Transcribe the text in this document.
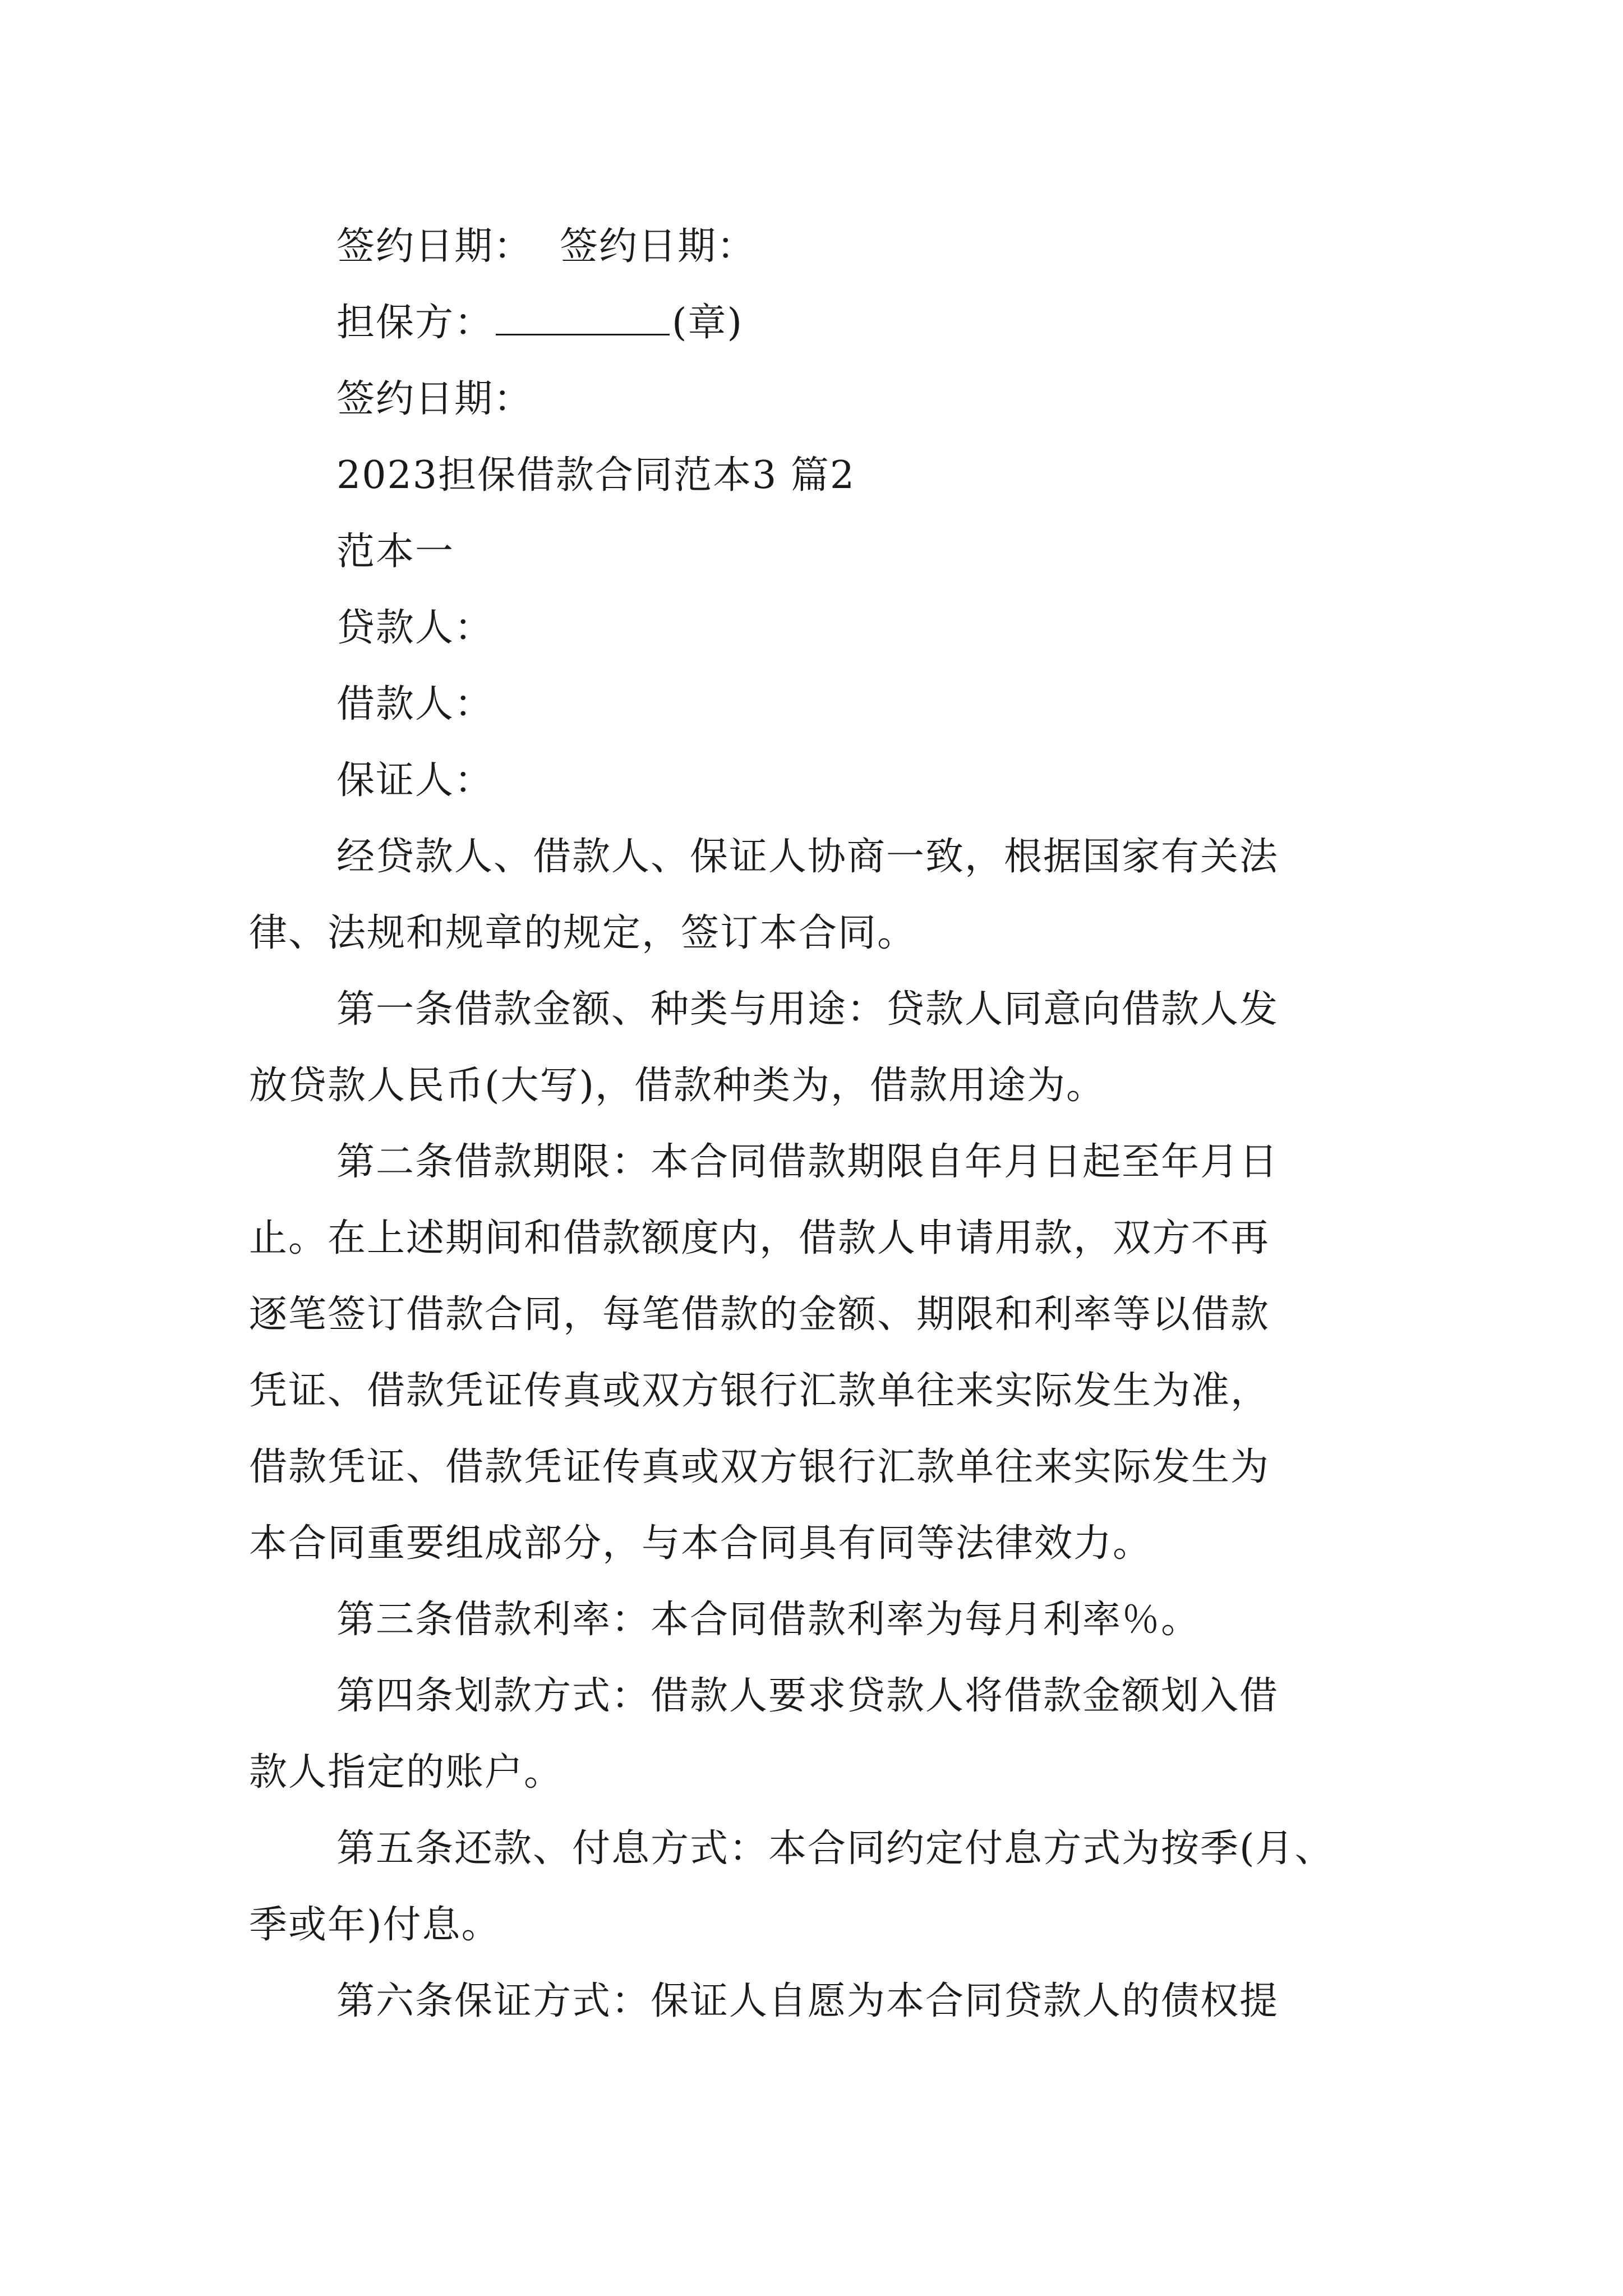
签约日期： 签约日期：
担保方：	(章)
签约日期：
2023担保借款合同范本3 篇2
范本一
贷款人：
借款人：
保证人：
经贷款人、借款人、保证人协商一致，根据国家有关法
律、法规和规章的规定，签订本合同。
第一条借款金额、种类与用途：贷款人同意向借款人发
放贷款人民币(大写)，借款种类为，借款用途为。
第二条借款期限：本合同借款期限自年月日起至年月日
止。在上述期间和借款额度内，借款人申请用款，双方不再
逐笔签订借款合同，每笔借款的金额、期限和利率等以借款
凭证、借款凭证传真或双方银行汇款单往来实际发生为准，
借款凭证、借款凭证传真或双方银行汇款单往来实际发生为
本合同重要组成部分，与本合同具有同等法律效力。
第三条借款利率：本合同借款利率为每月利率％。
第四条划款方式：借款人要求贷款人将借款金额划入借
款人指定的账户。
第五条还款、付息方式：本合同约定付息方式为按季(月、
季或年)付息。
第六条保证方式：保证人自愿为本合同贷款人的债权提
